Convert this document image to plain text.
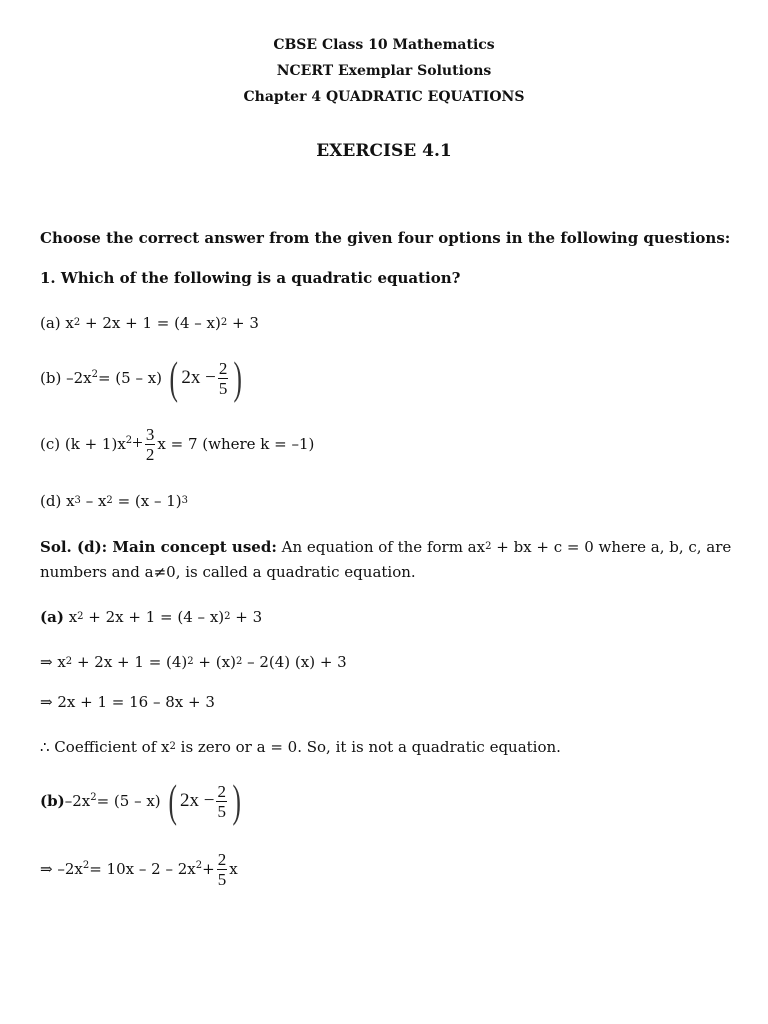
CBSE Class 10 Mathematics
NCERT Exemplar Solutions
Chapter 4 QUADRATIC EQUATIONS
EXERCISE 4.1
Choose the correct answer from the given four options in the following questions:
1. Which of the following is a quadratic equation?
(a) $x^2 + 2x + 1 = (4 - x)^2 + 3$
(b) $-2x^2 = (5 - x)$ ( $2x - \frac{2}{5}$ )
(c) $(k + 1)x^2 + \frac{3}{2}$ x = 7 (where k = –1)
(d) $x^3 - x^2 = (x - 1)^3$
Sol. (d): Main concept used: An equation of the form $ax^2$ + bx + c = 0 where a, b, c, are
numbers and a≠0, is called a quadratic equation.
(a) $x^2 + 2x + 1 = (4 - x)^2 + 3$
⇒ $x^2 + 2x + 1 = (4)^2 + (x)^2 - 2(4) (x) + 3$
⇒ 2x + 1 = 16 – 8x + 3
∴ Coefficient of $x^2$ is zero or a = 0. So, it is not a quadratic equation.
(b) $-2x^2 = (5 - x)$ ( $2x - \frac{2}{5}$ )
⇒ $-2x^2 = 10x - 2 - 2x^2 + \frac{2}{5}$ x
